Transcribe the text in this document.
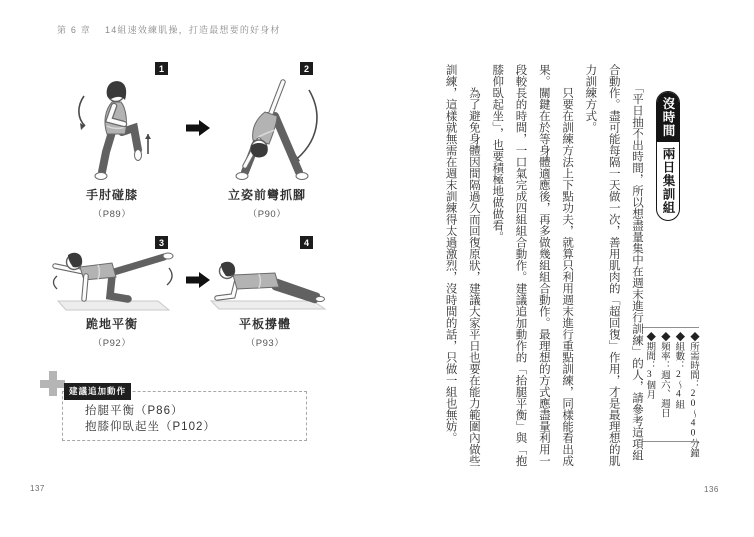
第 6 章 14組速效練肌操，打造最想要的好身材
1	2
3	4
手肘碰膝
（P89）
立姿前彎抓腳
（P90）
跪地平衡
（P92）
平板撐體
（P93）
建議追加動作
抬腿平衡（P86）
抱膝仰臥起坐（P102）
137
沒時間
兩日集訓組
◆所需時間：20～40分鐘
◆組數：2～4組
◆頻率：週六、週日
◆期間：3個月
　　「平日抽不出時間，所以想盡量集中在週末進行訓練」的人，請參考這項組
合動作。盡可能每隔一天做一次，善用肌肉的「超回復」作用，才是最理想的肌
力訓練方式。
　　只要在訓練方法上下點功夫，就算只利用週末進行重點訓練，同樣能看出成
果。關鍵在於等身體適應後，再多做幾組組合動作。最理想的方式應盡量利用一
段較長的時間，一口氣完成四組組合動作。建議追加動作的「抬腿平衡」與「抱
膝仰臥起坐」，也要積極地做做看。
　　為了避免身體因間隔過久而回復原狀，建議大家平日也要在能力範圍內做些
訓練，這樣就無需在週末訓練得太過激烈，沒時間的話，只做一組也無妨。
136
